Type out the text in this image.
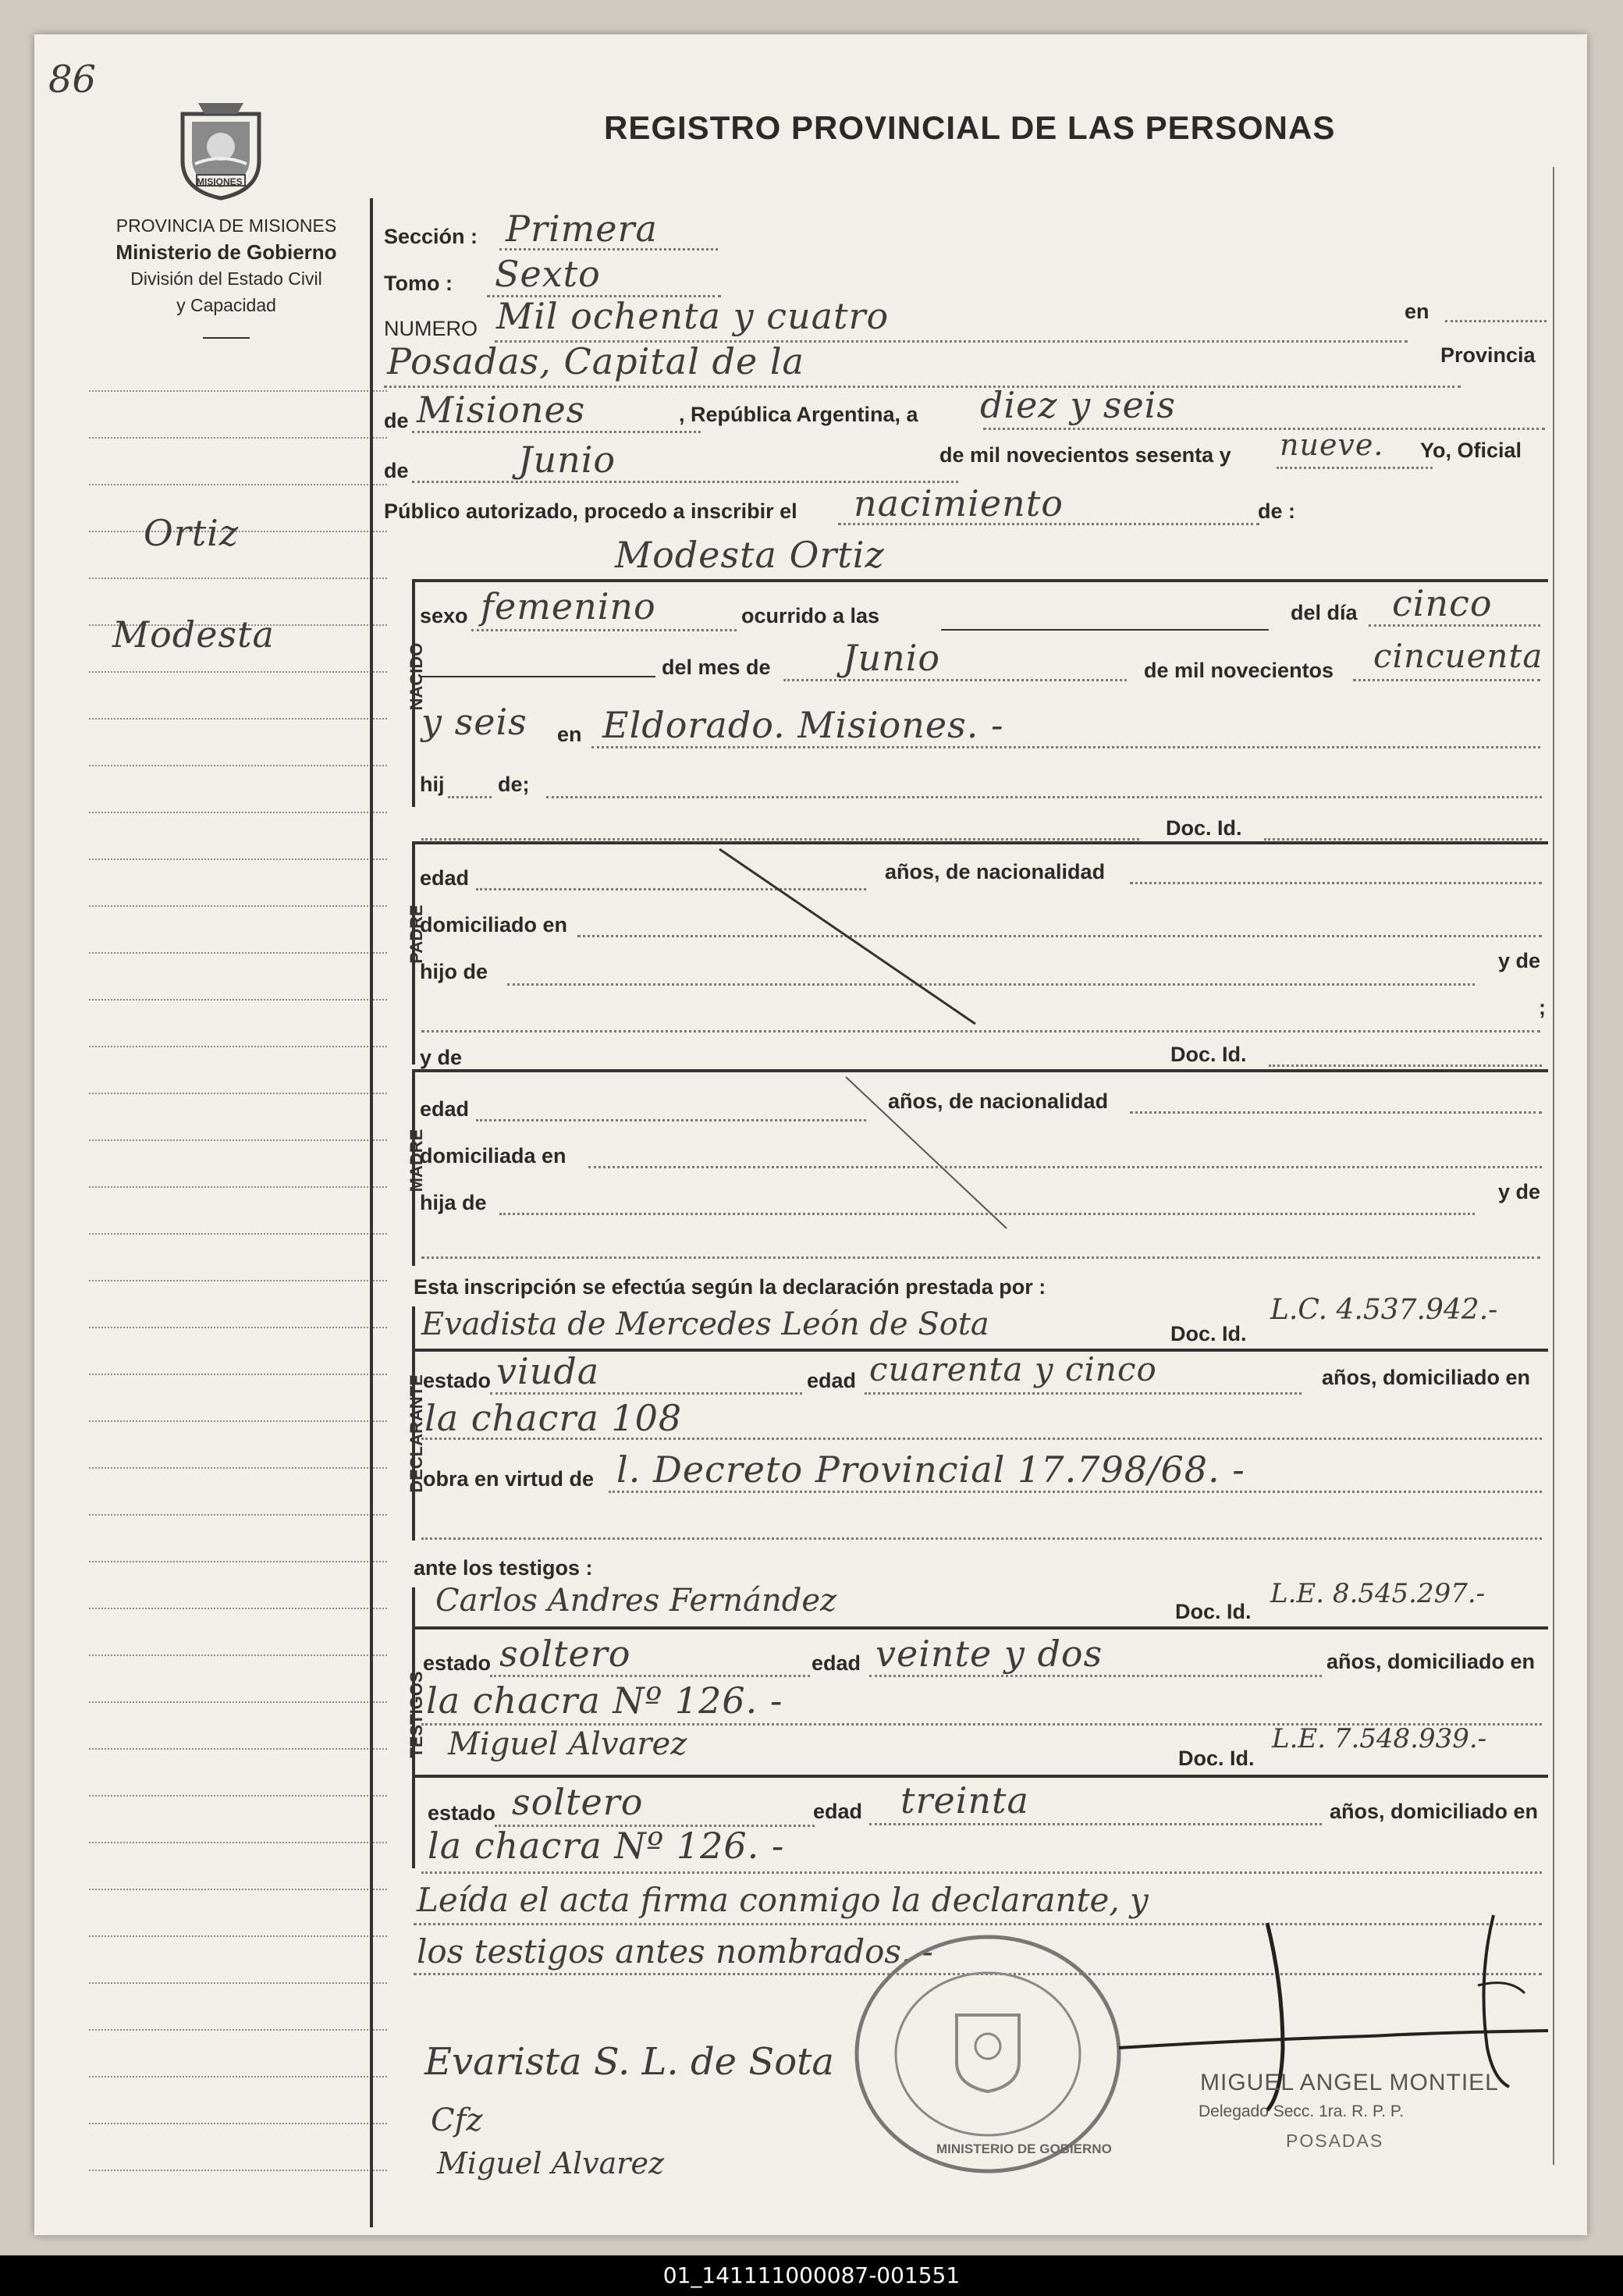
86
MISIONES
PROVINCIA DE MISIONES
Ministerio de Gobierno
División del Estado Civil
y Capacidad
REGISTRO PROVINCIAL DE LAS PERSONAS
Ortiz
Modesta
Sección : Primera
Tomo : Sexto
NUMERO Mil ochenta y cuatro	en
Posadas, Capital de la	Provincia
de Misiones	, República Argentina, a diez y seis
de	Junio	de mil novecientos sesenta y nueve. Yo, Oficial
Público autorizado, procedo a inscribir el nacimiento	de :
Modesta Ortiz
NACIDO
sexo femenino	ocurrido a las	del día cinco
del mes de Junio	de mil novecientos cincuenta
y seis en Eldorado. Misiones. -
hij	de;
Doc. Id.
PADRE
edad	años, de nacionalidad
domiciliado en
hijo de	y de
;
y de	Doc. Id.
MADRE
edad	años, de nacionalidad
domiciliada en
hija de	y de
Esta inscripción se efectúa según la declaración prestada por :
DECLARANTE
Evadista de Mercedes León de Sota	Doc. Id.
L.C. 4.537.942.-
estado viuda	edad cuarenta y cinco	años, domiciliado en
la chacra 108
obra en virtud de l. Decreto Provincial 17.798/68. -
ante los testigos :
TESTIGOS
Carlos Andres Fernández	Doc. Id.
L.E. 8.545.297.-
estado soltero	edad veinte y dos	años, domiciliado en
la chacra Nº 126. -
Miguel Alvarez	Doc. Id.
L.E. 7.548.939.-
estado soltero	edad treinta	años, domiciliado en
la chacra Nº 126. -
Leída el acta firma conmigo la declarante, y
los testigos antes nombrados. -
Evarista S. L. de Sota
Cfz
Miguel Alvarez	MINISTERIO DE GOBIERNO
MIGUEL ANGEL MONTIEL
Delegado Secc. 1ra. R. P. P.
POSADAS
01_141111000087-001551
